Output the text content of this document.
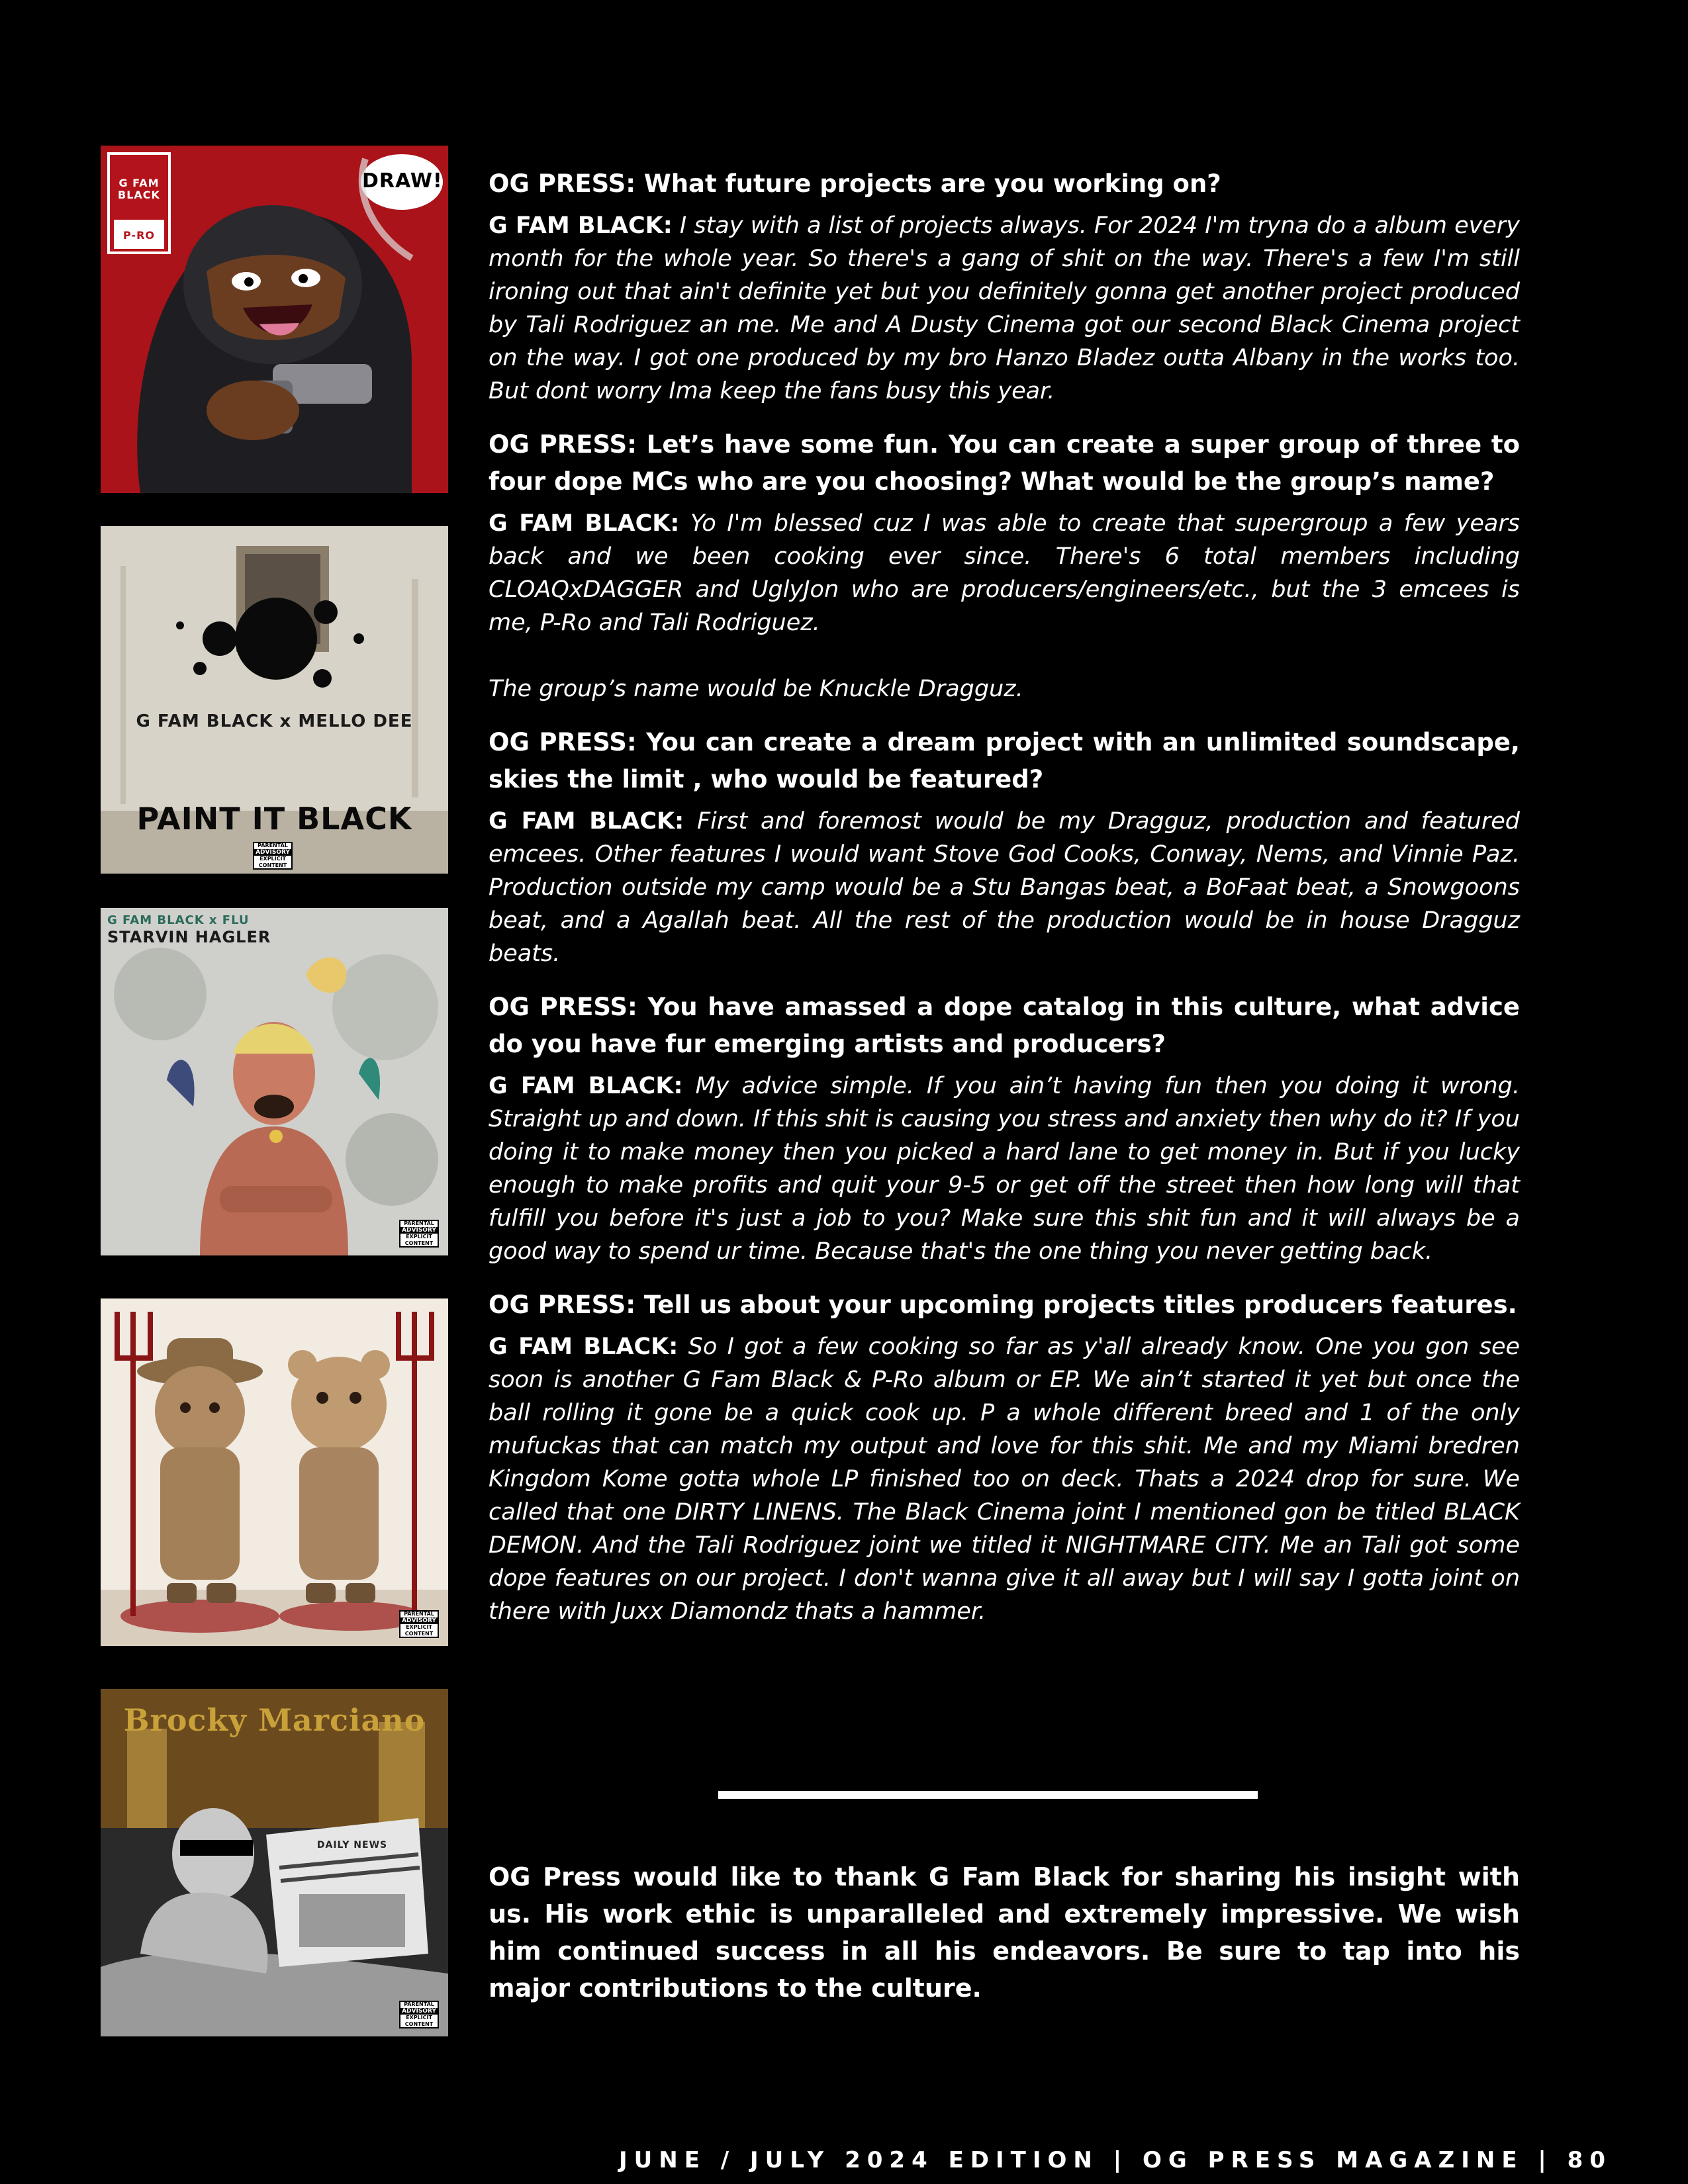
G FAM BLACK
P-RO
DRAW!
G FAM BLACK x MELLO DEE
PAINT IT BLACK
PARENTAL
ADVISORY
EXPLICIT CONTENT
G FAM BLACK x FLU
STARVIN HAGLER
PARENTAL
ADVISORY
EXPLICIT CONTENT
PARENTAL
ADVISORY
EXPLICIT CONTENT
Brocky Marciano
DAILY NEWS
PARENTAL
ADVISORY
EXPLICIT CONTENT
OG PRESS: What future projects are you working on?
G FAM BLACK: I stay with a list of projects always. For 2024 I'm tryna do a album every month for the whole year. So there's a gang of shit on the way. There's a few I'm still ironing out that ain't definite yet but you definitely gonna get another project produced by Tali Rodriguez an me. Me and A Dusty Cinema got our second Black Cinema project on the way. I got one produced by my bro Hanzo Bladez outta Albany in the works too. But dont worry Ima keep the fans busy this year.
OG PRESS: Let’s have some fun. You can create a super group of three to four dope MCs who are you choosing? What would be the group’s name?
G FAM BLACK: Yo I'm blessed cuz I was able to create that supergroup a few years back and we been cooking ever since. There's 6 total members including CLOAQxDAGGER and UglyJon who are producers/engineers/etc., but the 3 emcees is me, P-Ro and Tali Rodriguez.
The group’s name would be Knuckle Dragguz.
OG PRESS: You can create a dream project with an unlimited soundscape, skies the limit , who would be featured?
G FAM BLACK: First and foremost would be my Dragguz, production and featured emcees. Other features I would want Stove God Cooks, Conway, Nems, and Vinnie Paz. Production outside my camp would be a Stu Bangas beat, a BoFaat beat, a Snowgoons beat, and a Agallah beat. All the rest of the production would be in house Dragguz beats.
OG PRESS: You have amassed a dope catalog in this culture, what advice do you have fur emerging artists and producers?
G FAM BLACK: My advice simple. If you ain’t having fun then you doing it wrong. Straight up and down. If this shit is causing you stress and anxiety then why do it? If you doing it to make money then you picked a hard lane to get money in. But if you lucky enough to make profits and quit your 9-5 or get off the street then how long will that fulfill you before it's just a job to you? Make sure this shit fun and it will always be a good way to spend ur time. Because that's the one thing you never getting back.
OG PRESS: Tell us about your upcoming projects titles producers features.
G FAM BLACK: So I got a few cooking so far as y'all already know. One you gon see soon is another G Fam Black & P-Ro album or EP. We ain’t started it yet but once the ball rolling it gone be a quick cook up. P a whole different breed and 1 of the only mufuckas that can match my output and love for this shit. Me and my Miami bredren Kingdom Kome gotta whole LP finished too on deck. Thats a 2024 drop for sure. We called that one DIRTY LINENS. The Black Cinema joint I mentioned gon be titled BLACK DEMON. And the Tali Rodriguez joint we titled it NIGHTMARE CITY. Me an Tali got some dope features on our project. I don't wanna give it all away but I will say I gotta joint on there with Juxx Diamondz thats a hammer.
OG Press would like to thank G Fam Black for sharing his insight with us. His work ethic is unparalleled and extremely impressive. We wish him continued success in all his endeavors. Be sure to tap into his major contributions to the culture.
JUNE / JULY 2024 EDITION | OG PRESS MAGAZINE | 80
